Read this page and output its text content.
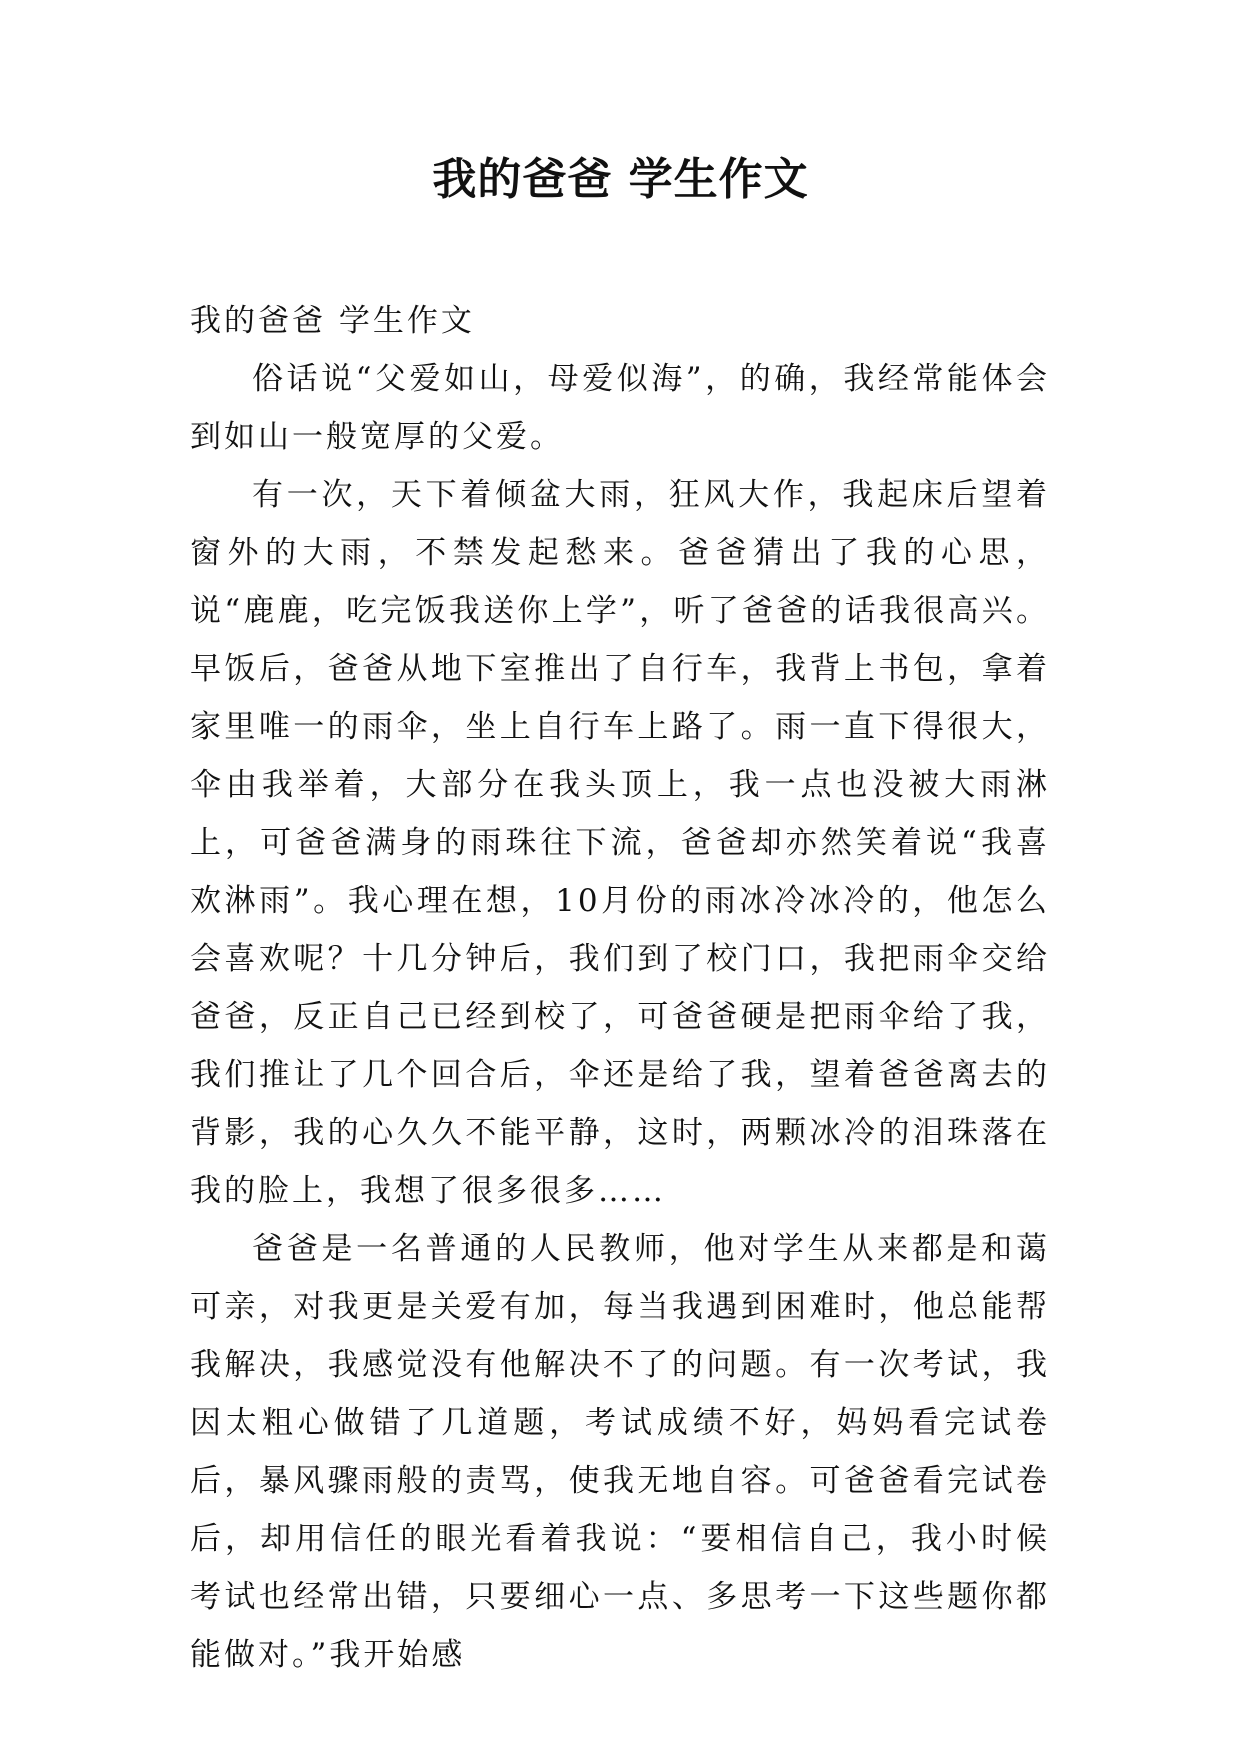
我的爸爸 学生作文

我的爸爸 学生作文

俗话说“父爱如山，母爱似海”，的确，我经常能体会到如山一般宽厚的父爱。

有一次，天下着倾盆大雨，狂风大作，我起床后望着窗外的大雨，不禁发起愁来。爸爸猜出了我的心思，说“鹿鹿，吃完饭我送你上学”，听了爸爸的话我很高兴。早饭后，爸爸从地下室推出了自行车，我背上书包，拿着家里唯一的雨伞，坐上自行车上路了。雨一直下得很大，伞由我举着，大部分在我头顶上，我一点也没被大雨淋上，可爸爸满身的雨珠往下流，爸爸却亦然笑着说“我喜欢淋雨”。我心理在想，10月份的雨冰冷冰冷的，他怎么会喜欢呢？十几分钟后，我们到了校门口，我把雨伞交给爸爸，反正自己已经到校了，可爸爸硬是把雨伞给了我，我们推让了几个回合后，伞还是给了我，望着爸爸离去的背影，我的心久久不能平静，这时，两颗冰冷的泪珠落在我的脸上，我想了很多很多……

爸爸是一名普通的人民教师，他对学生从来都是和蔼可亲，对我更是关爱有加，每当我遇到困难时，他总能帮我解决，我感觉没有他解决不了的问题。有一次考试，我因太粗心做错了几道题，考试成绩不好，妈妈看完试卷后，暴风骤雨般的责骂，使我无地自容。可爸爸看完试卷后，却用信任的眼光看着我说：“要相信自己，我小时候考试也经常出错，只要细心一点、多思考一下这些题你都能做对。”我开始感
